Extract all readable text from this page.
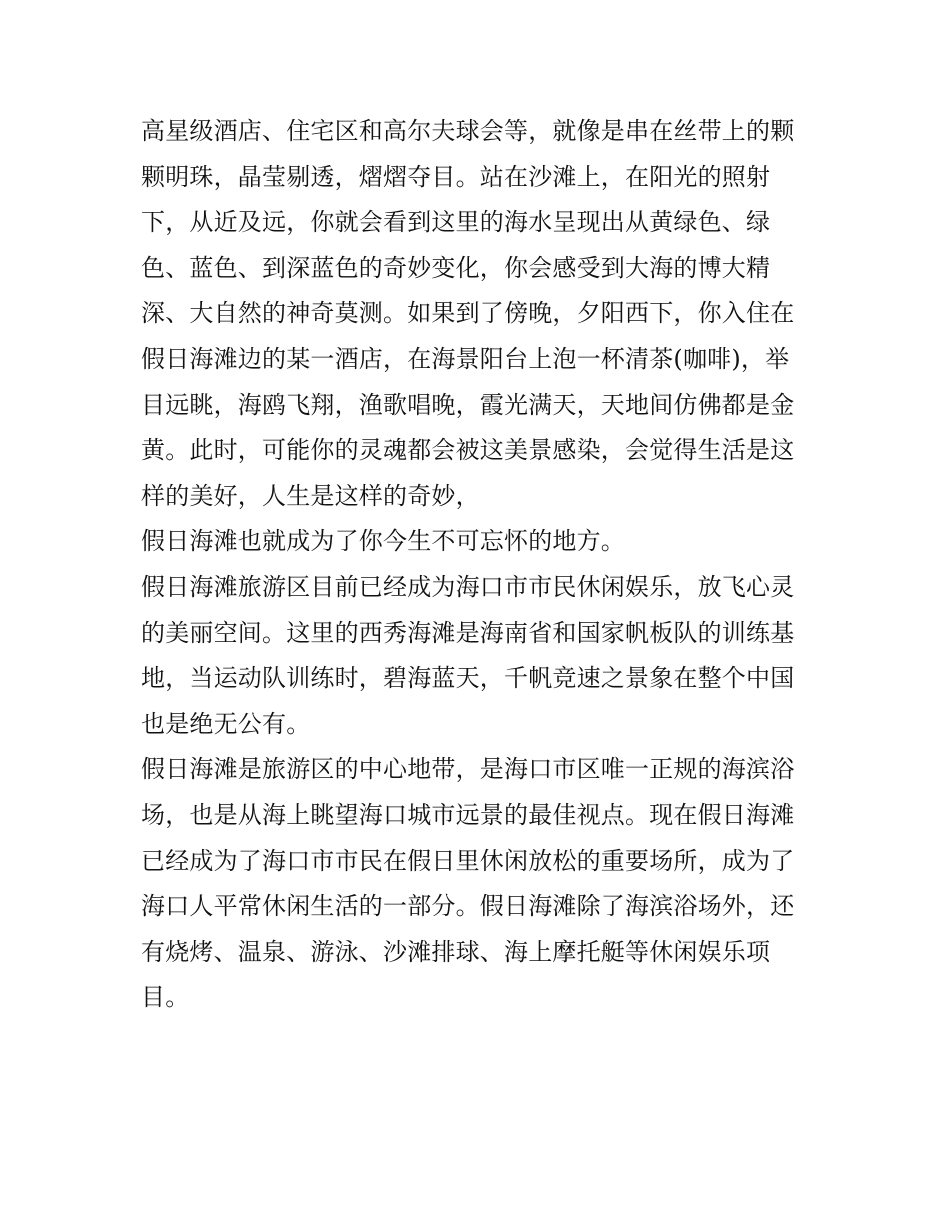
高星级酒店、住宅区和高尔夫球会等，就像是串在丝带上的颗
颗明珠，晶莹剔透，熠熠夺目。站在沙滩上，在阳光的照射
下，从近及远，你就会看到这里的海水呈现出从黄绿色、绿
色、蓝色、到深蓝色的奇妙变化，你会感受到大海的博大精
深、大自然的神奇莫测。如果到了傍晚，夕阳西下，你入住在
假日海滩边的某一酒店，在海景阳台上泡一杯清茶(咖啡)，举
目远眺，海鸥飞翔，渔歌唱晚，霞光满天，天地间仿佛都是金
黄。此时，可能你的灵魂都会被这美景感染，会觉得生活是这
样的美好，人生是这样的奇妙，
假日海滩也就成为了你今生不可忘怀的地方。
假日海滩旅游区目前已经成为海口市市民休闲娱乐，放飞心灵
的美丽空间。这里的西秀海滩是海南省和国家帆板队的训练基
地，当运动队训练时，碧海蓝天，千帆竞速之景象在整个中国
也是绝无公有。
假日海滩是旅游区的中心地带，是海口市区唯一正规的海滨浴
场，也是从海上眺望海口城市远景的最佳视点。现在假日海滩
已经成为了海口市市民在假日里休闲放松的重要场所，成为了
海口人平常休闲生活的一部分。假日海滩除了海滨浴场外，还
有烧烤、温泉、游泳、沙滩排球、海上摩托艇等休闲娱乐项
目。
